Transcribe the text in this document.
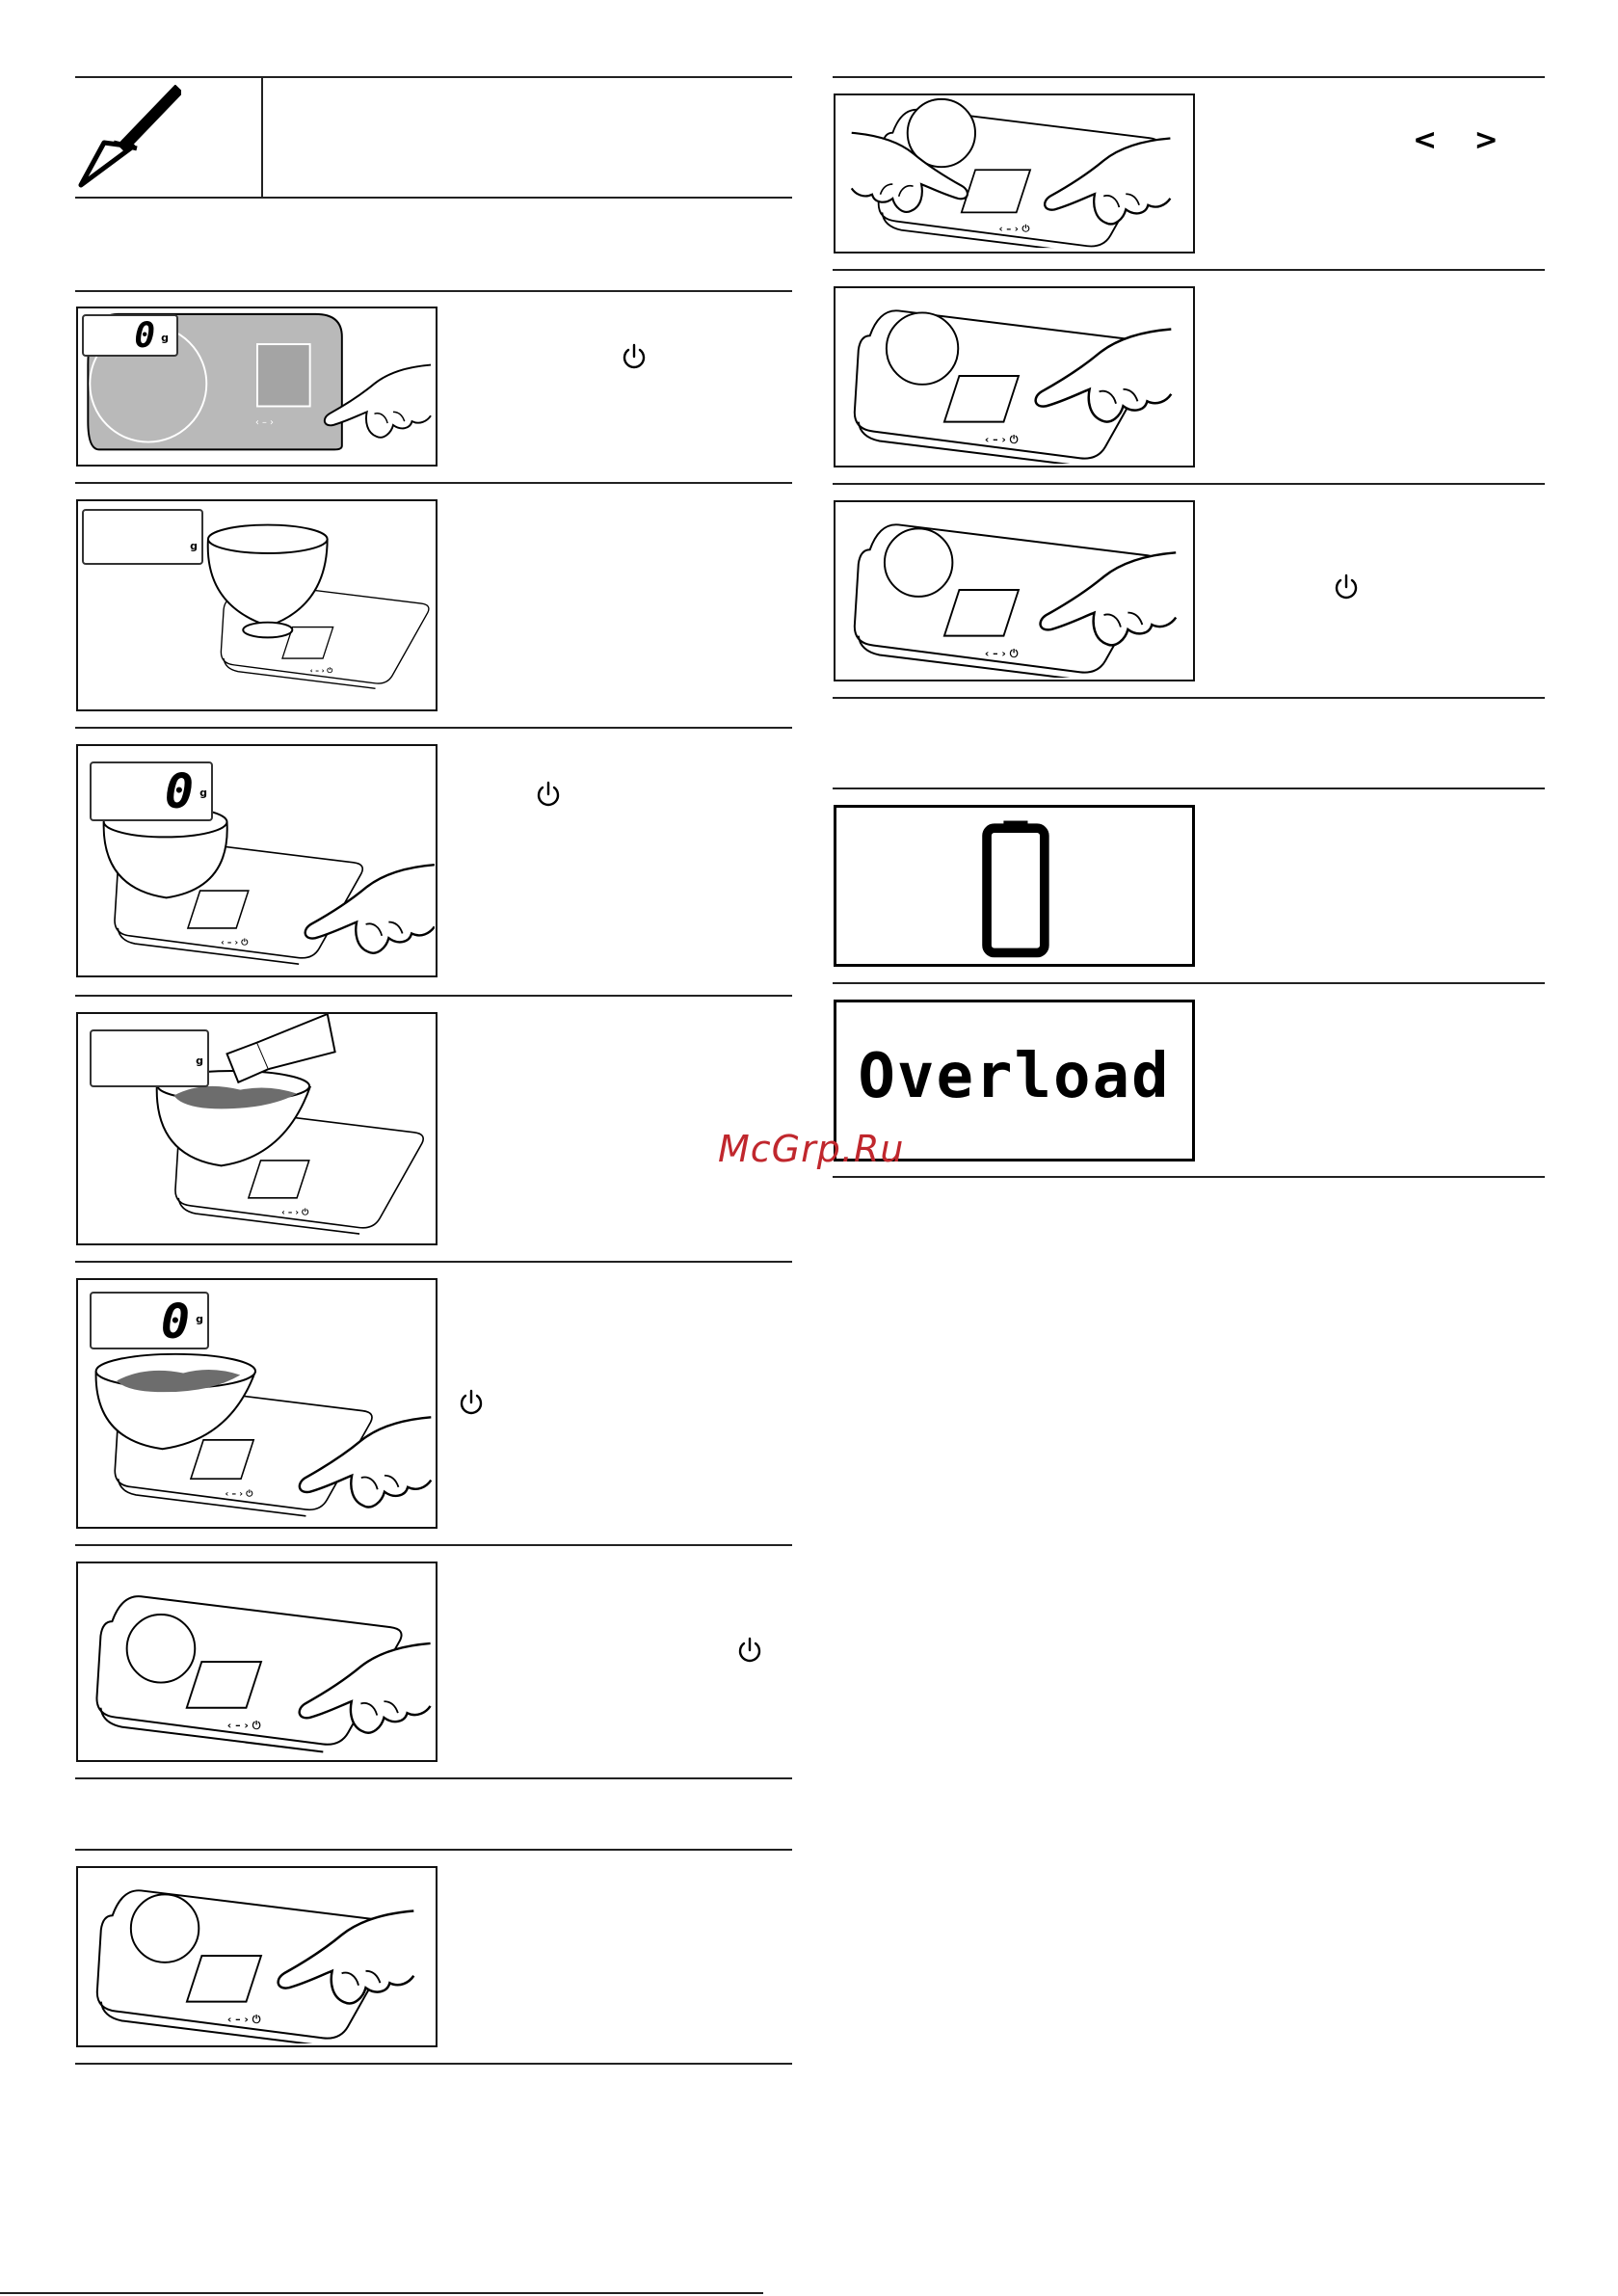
‹ – ›
0 g
g
0 g
g
0 g
< >
Overload
McGrp.Ru
